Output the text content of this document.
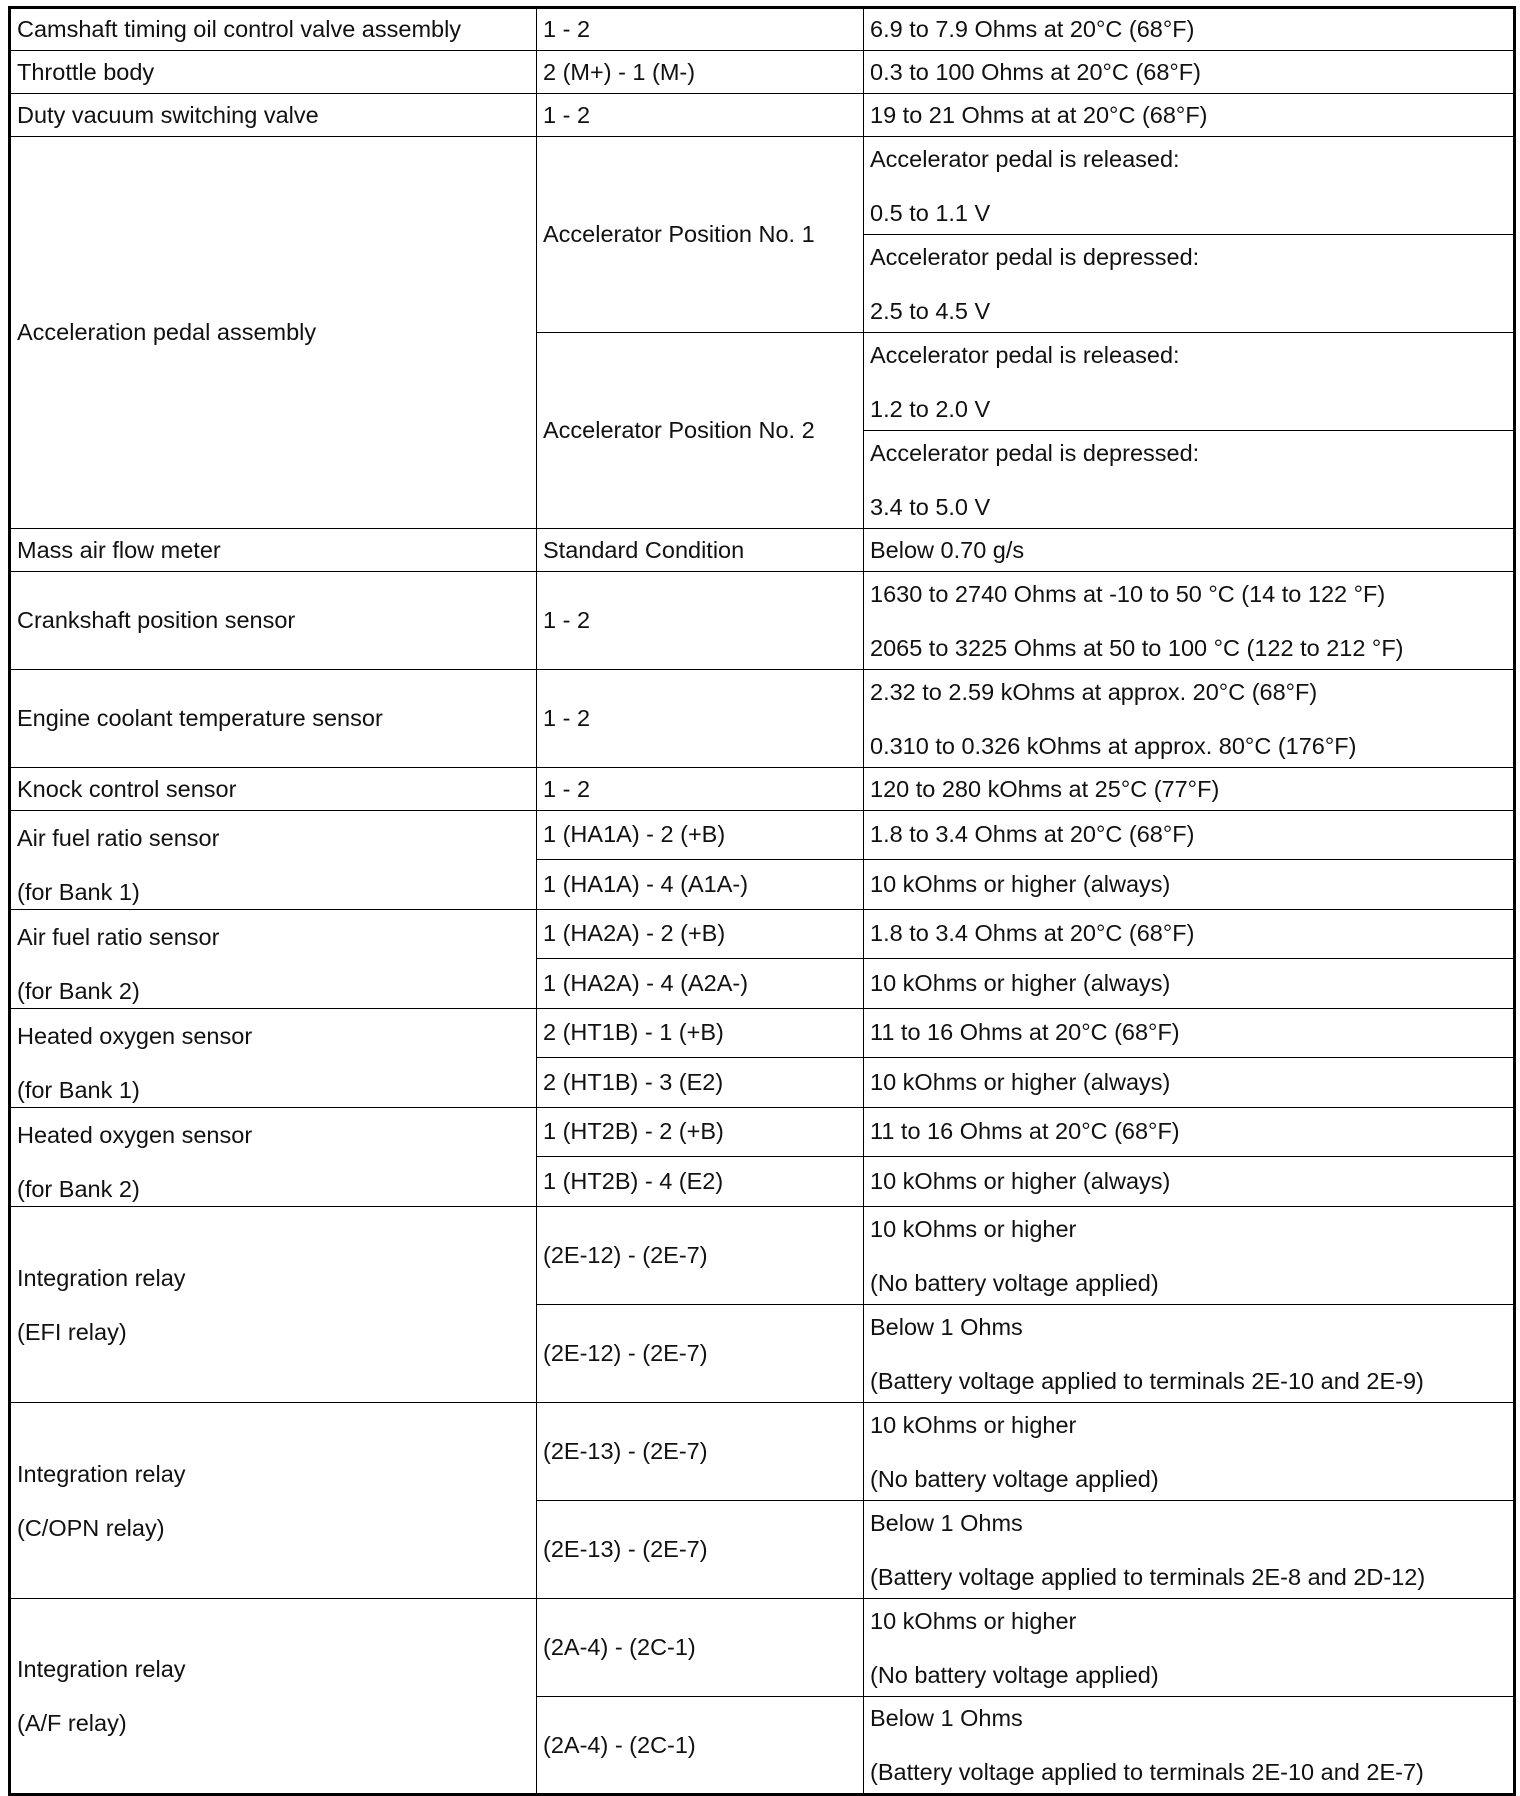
Camshaft timing oil control valve assembly	1 - 2	6.9 to 7.9 Ohms at 20°C (68°F)
Throttle body	2 (M+) - 1 (M-)	0.3 to 100 Ohms at 20°C (68°F)
Duty vacuum switching valve	1 - 2	19 to 21 Ohms at at 20°C (68°F)
Acceleration pedal assembly	Accelerator Position No. 1	Accelerator pedal is released:
0.5 to 1.1 V

		Accelerator pedal is depressed:
2.5 to 4.5 V

	Accelerator Position No. 2	Accelerator pedal is released:
1.2 to 2.0 V

		Accelerator pedal is depressed:
3.4 to 5.0 V

Mass air flow meter	Standard Condition	Below 0.70 g/s
Crankshaft position sensor	1 - 2	1630 to 2740 Ohms at -10 to 50 °C (14 to 122 °F)
2065 to 3225 Ohms at 50 to 100 °C (122 to 212 °F)

Engine coolant temperature sensor	1 - 2	2.32 to 2.59 kOhms at approx. 20°C (68°F)
0.310 to 0.326 kOhms at approx. 80°C (176°F)

Knock control sensor	1 - 2	120 to 280 kOhms at 25°C (77°F)

Air fuel ratio sensor
(for Bank 1)	1 (HA1A) - 2 (+B)	1.8 to 3.4 Ohms at 20°C (68°F)
	1 (HA1A) - 4 (A1A-)	10 kOhms or higher (always)

Air fuel ratio sensor
(for Bank 2)	1 (HA2A) - 2 (+B)	1.8 to 3.4 Ohms at 20°C (68°F)
	1 (HA2A) - 4 (A2A-)	10 kOhms or higher (always)

Heated oxygen sensor
(for Bank 1)	2 (HT1B) - 1 (+B)	11 to 16 Ohms at 20°C (68°F)
	2 (HT1B) - 3 (E2)	10 kOhms or higher (always)

Heated oxygen sensor
(for Bank 2)	1 (HT2B) - 2 (+B)	11 to 16 Ohms at 20°C (68°F)
	1 (HT2B) - 4 (E2)	10 kOhms or higher (always)

Integration relay
(EFI relay)	(2E-12) - (2E-7)	10 kOhms or higher
(No battery voltage applied)

	(2E-12) - (2E-7)	Below 1 Ohms
(Battery voltage applied to terminals 2E-10 and 2E-9)

Integration relay
(C/OPN relay)	(2E-13) - (2E-7)	10 kOhms or higher
(No battery voltage applied)

	(2E-13) - (2E-7)	Below 1 Ohms
(Battery voltage applied to terminals 2E-8 and 2D-12)

Integration relay
(A/F relay)	(2A-4) - (2C-1)	10 kOhms or higher
(No battery voltage applied)

	(2A-4) - (2C-1)	Below 1 Ohms
(Battery voltage applied to terminals 2E-10 and 2E-7)
